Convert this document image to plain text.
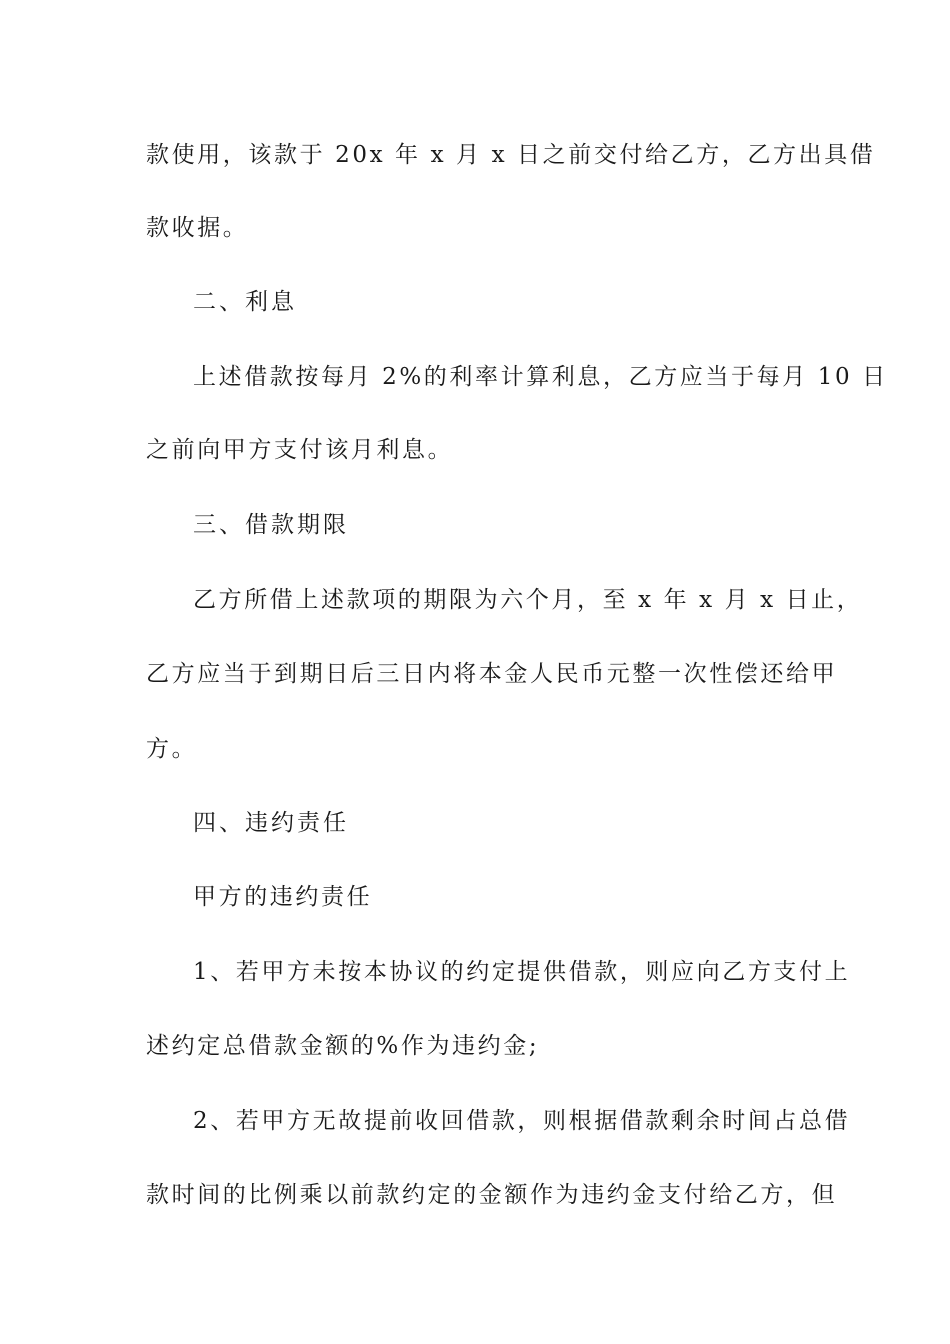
款使用，该款于 20x 年 x 月 x 日之前交付给乙方，乙方出具借
款收据。
二、利息
上述借款按每月 2%的利率计算利息，乙方应当于每月 10 日
之前向甲方支付该月利息。
三、借款期限
乙方所借上述款项的期限为六个月，至 x 年 x 月 x 日止，
乙方应当于到期日后三日内将本金人民币元整一次性偿还给甲
方。
四、违约责任
甲方的违约责任
1、若甲方未按本协议的约定提供借款，则应向乙方支付上
述约定总借款金额的%作为违约金;
2、若甲方无故提前收回借款，则根据借款剩余时间占总借
款时间的比例乘以前款约定的金额作为违约金支付给乙方，但
